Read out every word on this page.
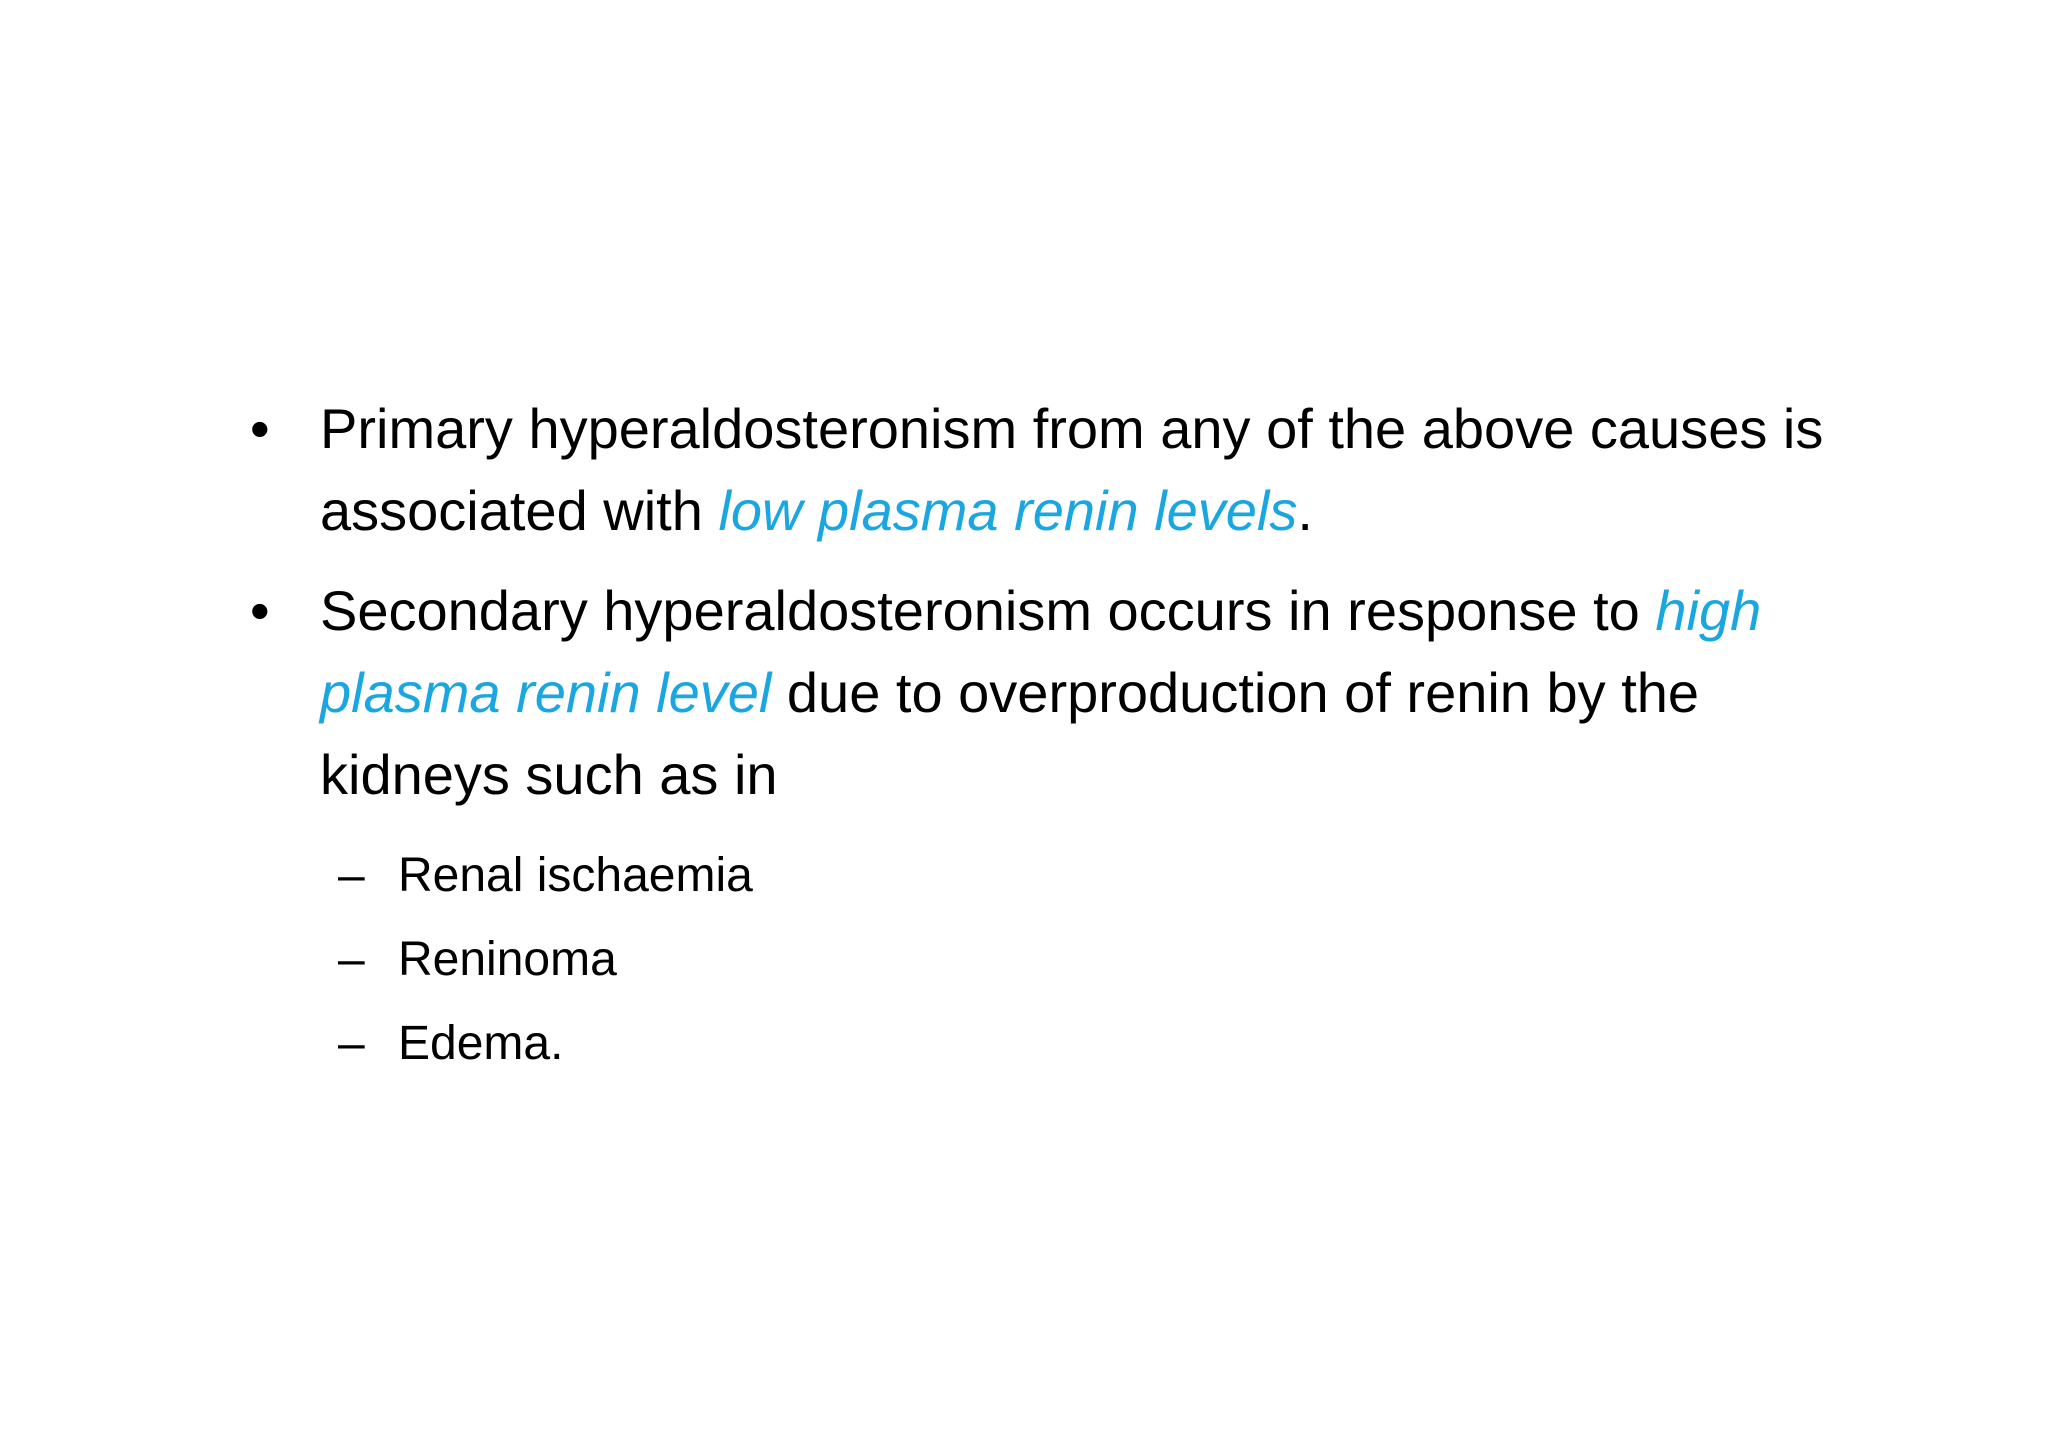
• Primary hyperaldosteronism from any of the above causes is associated with low plasma renin levels.
• Secondary hyperaldosteronism occurs in response to high plasma renin level due to overproduction of renin by the kidneys such as in
– Renal ischaemia
– Reninoma
– Edema.
